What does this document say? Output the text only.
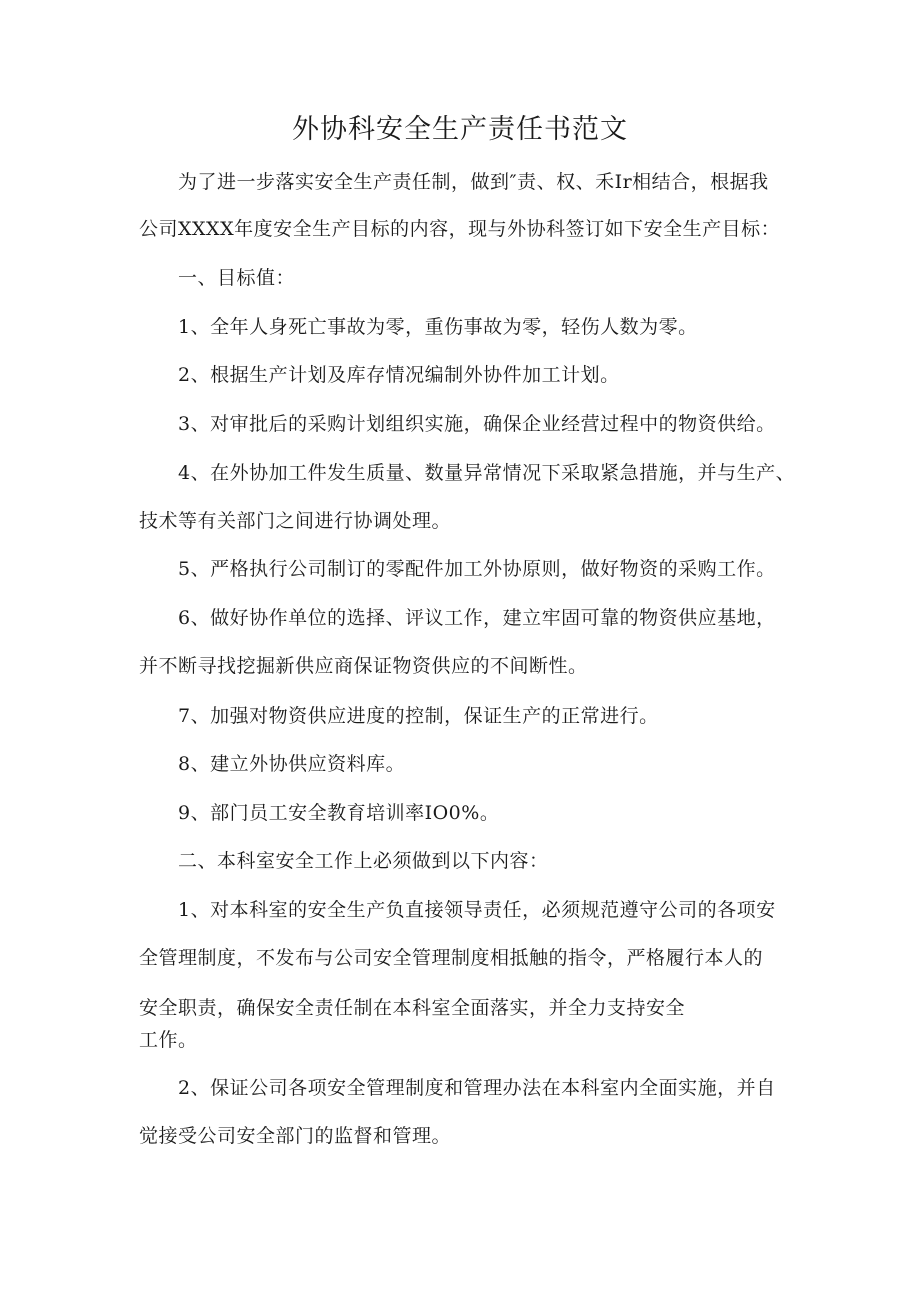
外协科安全生产责任书范文
为了进一步落实安全生产责任制，做到″责、权、禾Ir相结合，根据我
公司XXXX年度安全生产目标的内容，现与外协科签订如下安全生产目标：
一、目标值：
1、全年人身死亡事故为零，重伤事故为零，轻伤人数为零。
2、根据生产计划及库存情况编制外协件加工计划。
3、对审批后的采购计划组织实施，确保企业经营过程中的物资供给。
4、在外协加工件发生质量、数量异常情况下采取紧急措施，并与生产、
技术等有关部门之间进行协调处理。
5、严格执行公司制订的零配件加工外协原则，做好物资的采购工作。
6、做好协作单位的选择、评议工作，建立牢固可靠的物资供应基地，
并不断寻找挖掘新供应商保证物资供应的不间断性。
7、加强对物资供应进度的控制，保证生产的正常进行。
8、建立外协供应资料库。
9、部门员工安全教育培训率IO0%。
二、本科室安全工作上必须做到以下内容：
1、对本科室的安全生产负直接领导责任，必须规范遵守公司的各项安
全管理制度，不发布与公司安全管理制度相抵触的指令，严格履行本人的
安全职责，确保安全责任制在本科室全面落实，并全力支持安全
工作。
2、保证公司各项安全管理制度和管理办法在本科室内全面实施，并自
觉接受公司安全部门的监督和管理。
